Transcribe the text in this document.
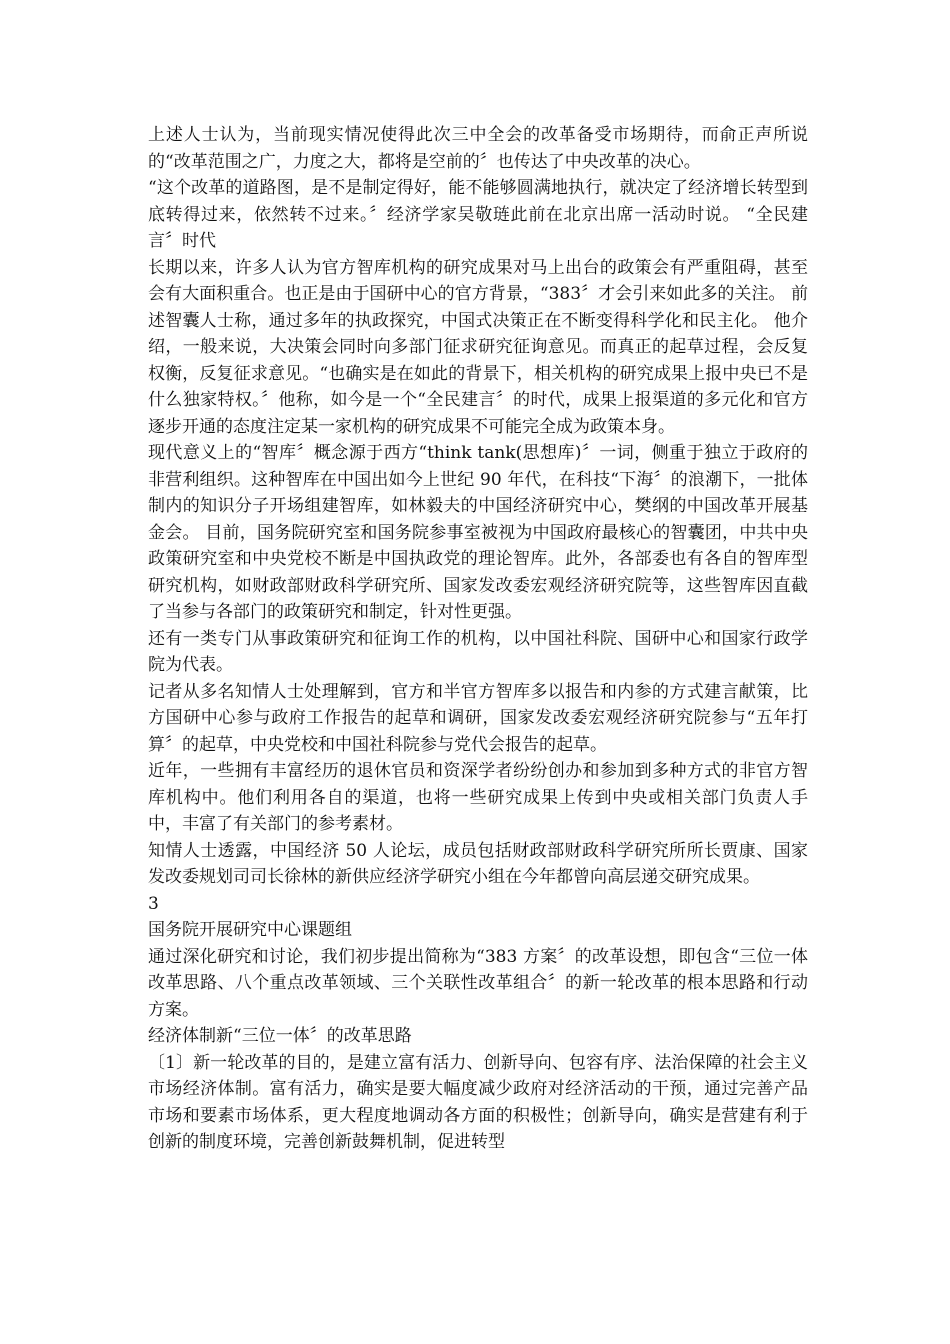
上述人士认为，当前现实情况使得此次三中全会的改革备受市场期待，而俞正声所说的“改革范围之广，力度之大，都将是空前的〞也传达了中央改革的决心。

“这个改革的道路图，是不是制定得好，能不能够圆满地执行，就决定了经济增长转型到底转得过来，依然转不过来。〞经济学家吴敬琏此前在北京出席一活动时说。 “全民建言〞时代

长期以来，许多人认为官方智库机构的研究成果对马上出台的政策会有严重阻碍，甚至会有大面积重合。也正是由于国研中心的官方背景，“383〞才会引来如此多的关注。 前述智囊人士称，通过多年的执政探究，中国式决策正在不断变得科学化和民主化。 他介绍，一般来说，大决策会同时向多部门征求研究征询意见。而真正的起草过程，会反复权衡，反复征求意见。“也确实是在如此的背景下，相关机构的研究成果上报中央已不是什么独家特权。〞他称，如今是一个“全民建言〞的时代，成果上报渠道的多元化和官方逐步开通的态度注定某一家机构的研究成果不可能完全成为政策本身。

现代意义上的“智库〞概念源于西方“think tank(思想库)〞一词，侧重于独立于政府的非营利组织。这种智库在中国出如今上世纪 90 年代，在科技“下海〞的浪潮下，一批体制内的知识分子开场组建智库，如林毅夫的中国经济研究中心，樊纲的中国改革开展基金会。 目前，国务院研究室和国务院参事室被视为中国政府最核心的智囊团，中共中央政策研究室和中央党校不断是中国执政党的理论智库。此外，各部委也有各自的智库型研究机构，如财政部财政科学研究所、国家发改委宏观经济研究院等，这些智库因直截了当参与各部门的政策研究和制定，针对性更强。

还有一类专门从事政策研究和征询工作的机构，以中国社科院、国研中心和国家行政学院为代表。

记者从多名知情人士处理解到，官方和半官方智库多以报告和内参的方式建言献策，比方国研中心参与政府工作报告的起草和调研，国家发改委宏观经济研究院参与“五年打算〞的起草，中央党校和中国社科院参与党代会报告的起草。

近年，一些拥有丰富经历的退休官员和资深学者纷纷创办和参加到多种方式的非官方智库机构中。他们利用各自的渠道，也将一些研究成果上传到中央或相关部门负责人手中，丰富了有关部门的参考素材。

知情人士透露，中国经济 50 人论坛，成员包括财政部财政科学研究所所长贾康、国家发改委规划司司长徐林的新供应经济学研究小组在今年都曾向高层递交研究成果。

3

国务院开展研究中心课题组

通过深化研究和讨论，我们初步提出简称为“383 方案〞的改革设想，即包含“三位一体改革思路、八个重点改革领域、三个关联性改革组合〞的新一轮改革的根本思路和行动方案。

经济体制新“三位一体〞的改革思路

〔1〕新一轮改革的目的，是建立富有活力、创新导向、包容有序、法治保障的社会主义市场经济体制。富有活力，确实是要大幅度减少政府对经济活动的干预，通过完善产品市场和要素市场体系，更大程度地调动各方面的积极性；创新导向，确实是营建有利于创新的制度环境，完善创新鼓舞机制，促进转型
